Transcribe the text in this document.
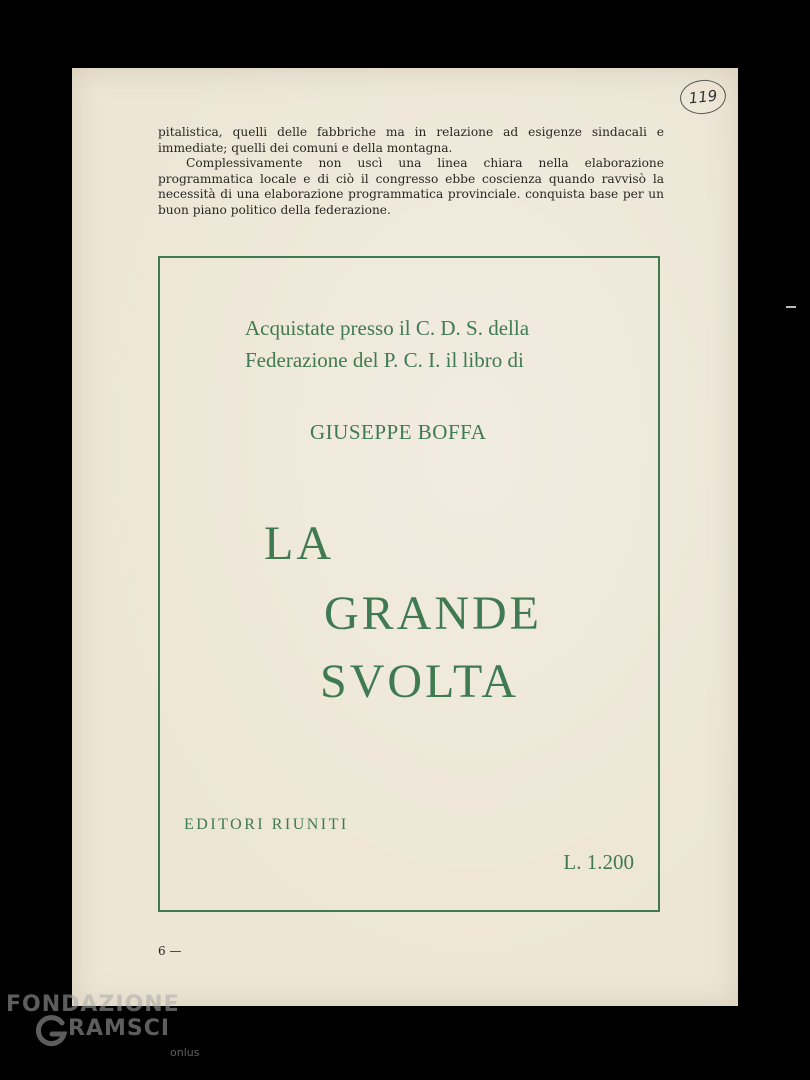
119

pitalistica, quelli delle fabbriche ma in relazione ad esigenze sindacali e immediate; quelli dei comuni e della montagna.

Complessivamente non uscì una linea chiara nella elaborazione programmatica locale e di ciò il congresso ebbe coscienza quando ravvisò la necessità di una elaborazione programmatica provinciale. conquista base per un buon piano politico della federazione.

Acquistate presso il C. D. S. della
Federazione del P. C. I. il libro di
GIUSEPPE BOFFA
LA
GRANDE
SVOLTA
EDITORI RIUNITI
L. 1.200
6 —
FONDAZIONE
RAMSCI
onlus
